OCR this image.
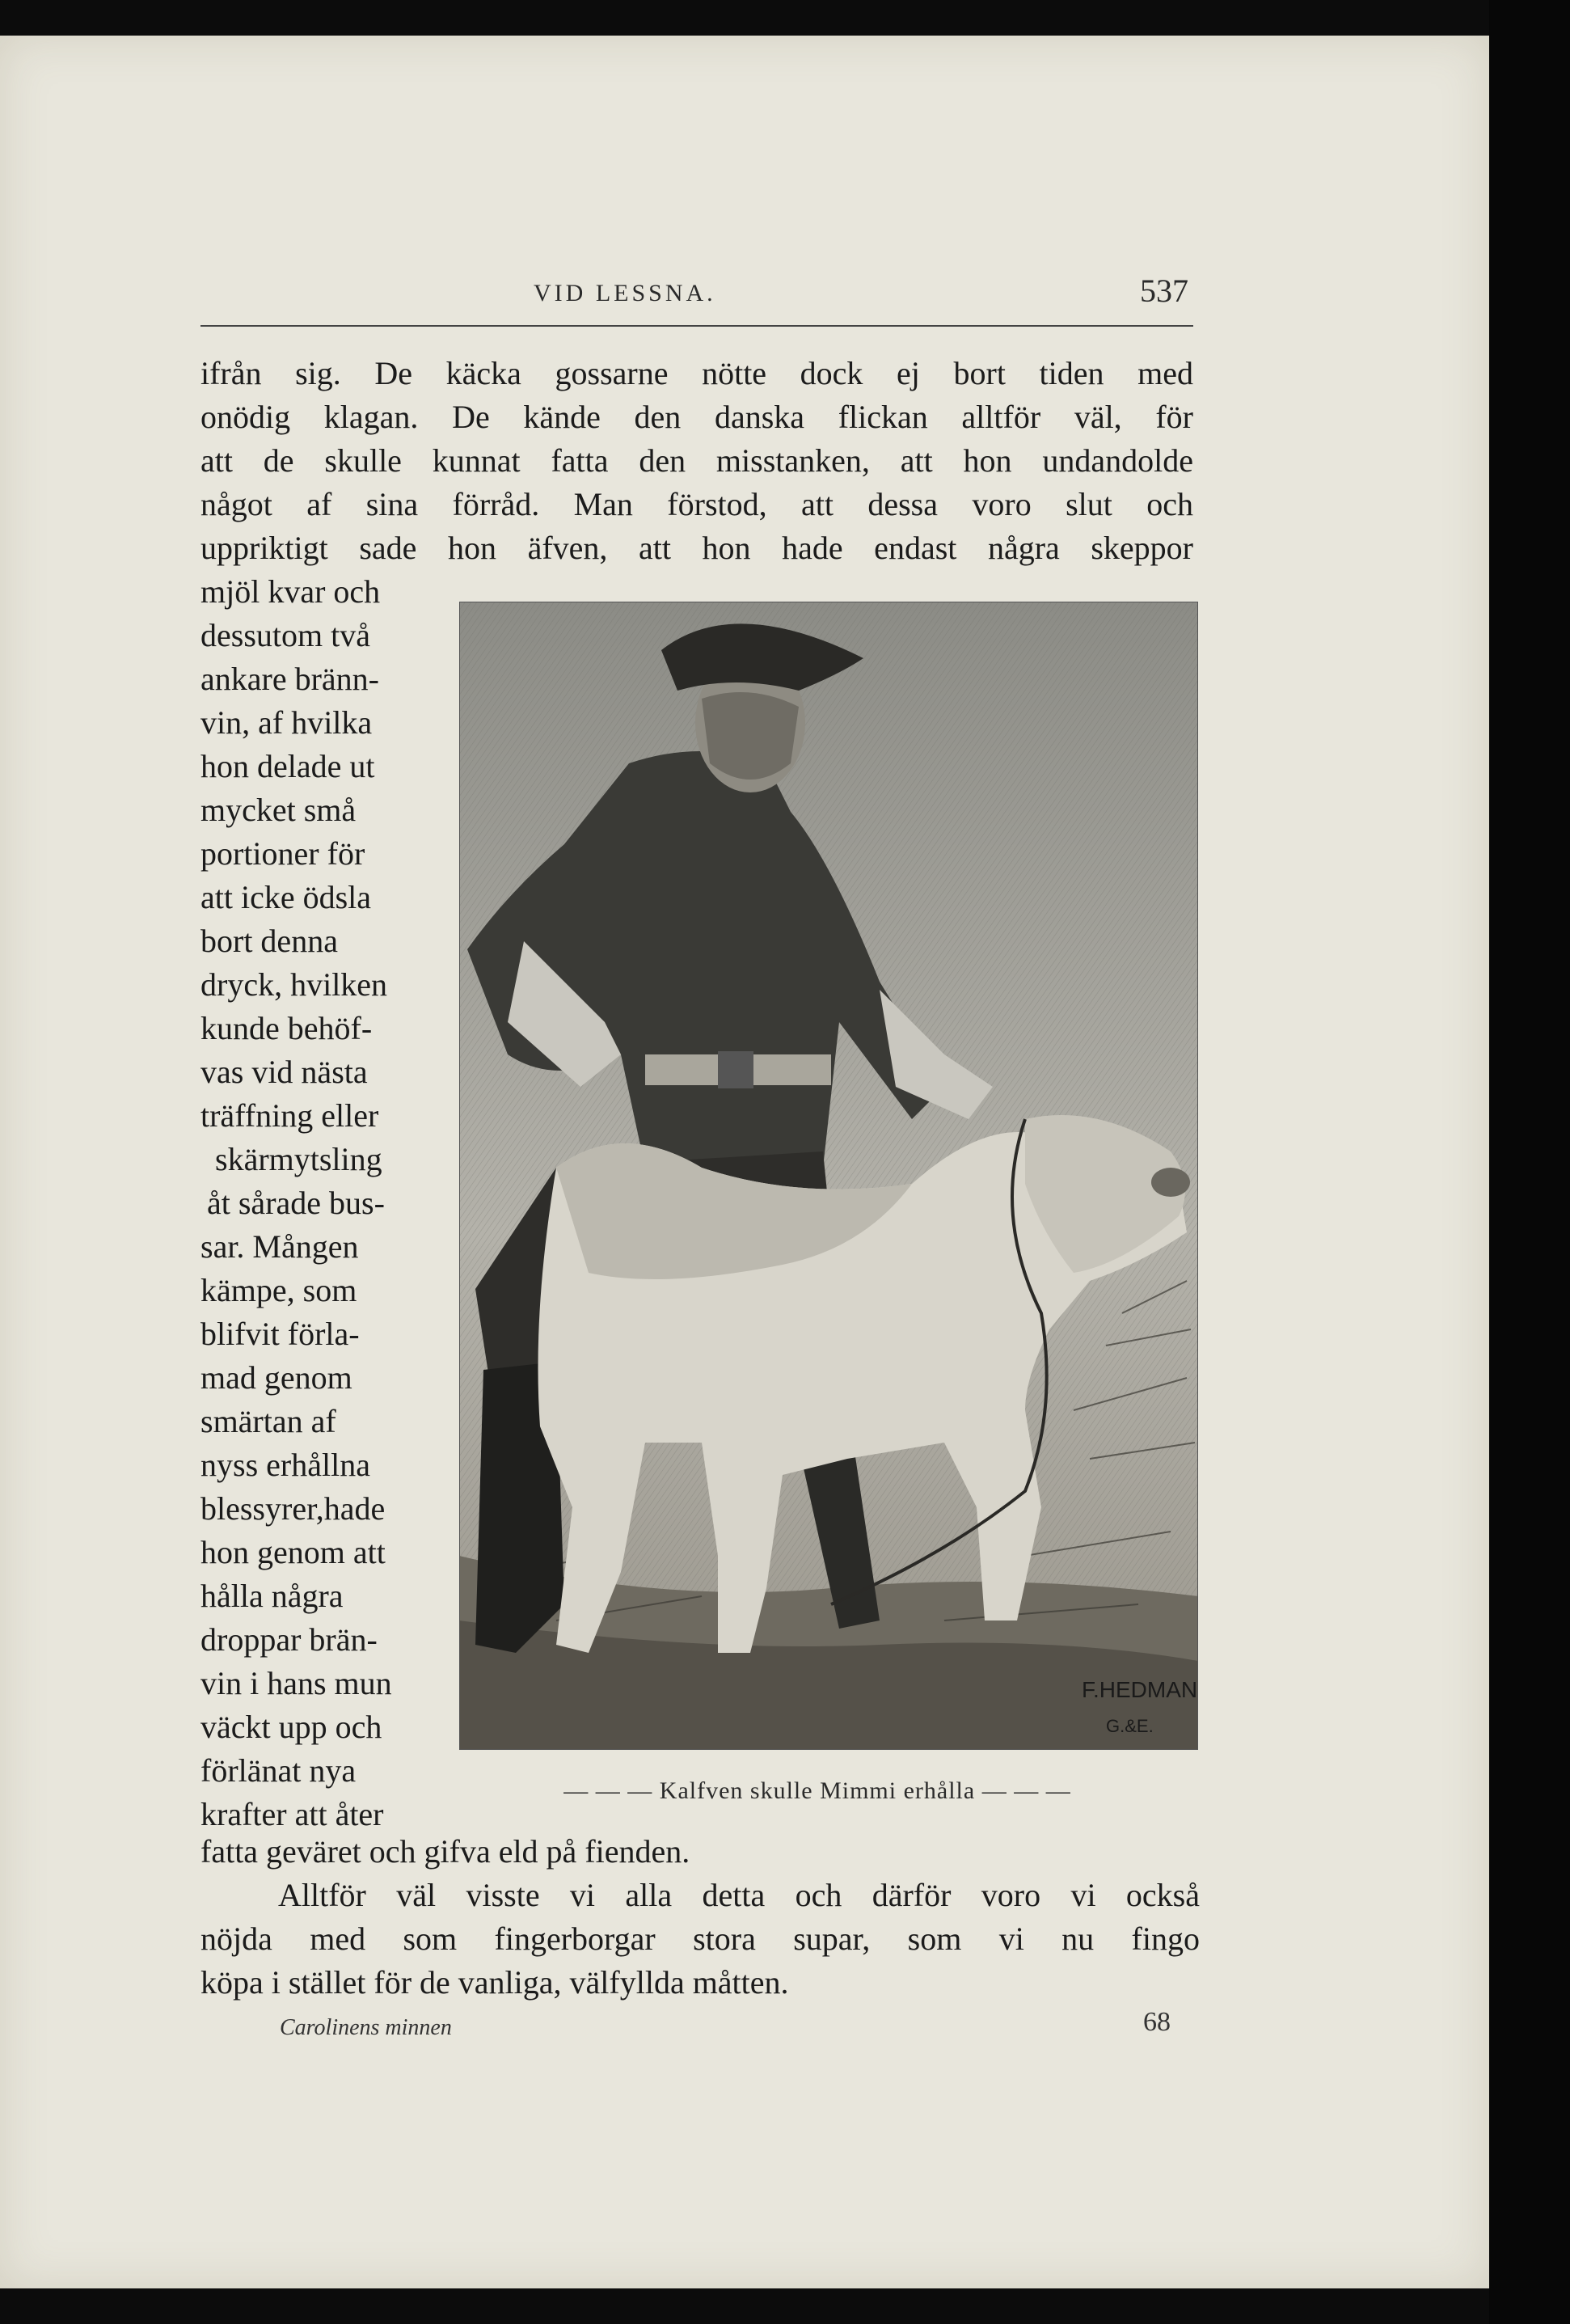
VID LESSNA.	537
ifrån sig. De käcka gossarne nötte dock ej bort tiden med
onödig klagan. De kände den danska flickan alltför väl, för
att de skulle kunnat fatta den misstanken, att hon undandolde
något af sina förråd. Man förstod, att dessa voro slut och
uppriktigt sade hon äfven, att hon hade endast några skeppor
mjöl kvar och
dessutom två
ankare bränn-
vin, af hvilka
hon delade ut
mycket små
portioner för
att icke ödsla
bort denna
dryck, hvilken
kunde behöf-
vas vid nästa
träffning eller
skärmytsling
åt sårade bus-
sar. Mången
kämpe, som
blifvit förla-
mad genom
smärtan af
nyss erhållna
blessyrer,hade
hon genom att
hålla några
droppar brän-
vin i hans mun
väckt upp och
förlänat nya
krafter att åter
F.HEDMAN
G.&E.
— — — Kalfven skulle Mimmi erhålla — — —
fatta geväret och gifva eld på fienden.
Alltför väl visste vi alla detta och därför voro vi också
nöjda med som fingerborgar stora supar, som vi nu fingo
köpa i stället för de vanliga, välfyllda måtten.
Carolinens minnen	68
